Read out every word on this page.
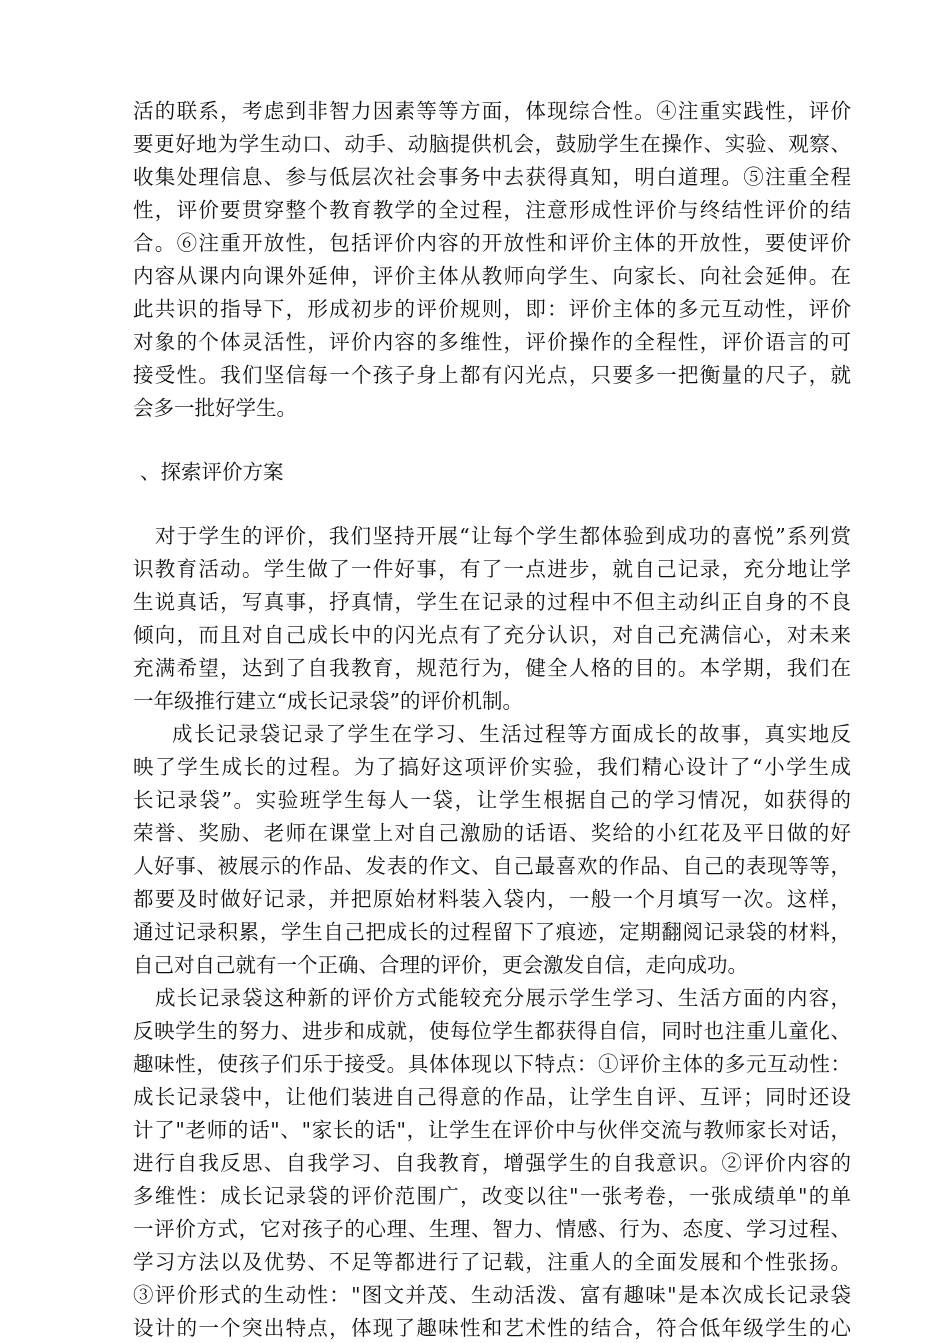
活的联系，考虑到非智力因素等等方面，体现综合性。④注重实践性，评价
要更好地为学生动口、动手、动脑提供机会，鼓励学生在操作、实验、观察、
收集处理信息、参与低层次社会事务中去获得真知，明白道理。⑤注重全程
性，评价要贯穿整个教育教学的全过程，注意形成性评价与终结性评价的结
合。⑥注重开放性，包括评价内容的开放性和评价主体的开放性，要使评价
内容从课内向课外延伸，评价主体从教师向学生、向家长、向社会延伸。在
此共识的指导下，形成初步的评价规则，即：评价主体的多元互动性，评价
对象的个体灵活性，评价内容的多维性，评价操作的全程性，评价语言的可
接受性。我们坚信每一个孩子身上都有闪光点，只要多一把衡量的尺子，就
会多一批好学生。
、探索评价方案
对于学生的评价，我们坚持开展“让每个学生都体验到成功的喜悦”系列赏
识教育活动。学生做了一件好事，有了一点进步，就自己记录，充分地让学
生说真话，写真事，抒真情，学生在记录的过程中不但主动纠正自身的不良
倾向，而且对自己成长中的闪光点有了充分认识，对自己充满信心，对未来
充满希望，达到了自我教育，规范行为，健全人格的目的。本学期，我们在
一年级推行建立“成长记录袋”的评价机制。
成长记录袋记录了学生在学习、生活过程等方面成长的故事，真实地反
映了学生成长的过程。为了搞好这项评价实验，我们精心设计了“小学生成
长记录袋”。实验班学生每人一袋，让学生根据自己的学习情况，如获得的
荣誉、奖励、老师在课堂上对自己激励的话语、奖给的小红花及平日做的好
人好事、被展示的作品、发表的作文、自己最喜欢的作品、自己的表现等等，
都要及时做好记录，并把原始材料装入袋内，一般一个月填写一次。这样，
通过记录积累，学生自己把成长的过程留下了痕迹，定期翻阅记录袋的材料，
自己对自己就有一个正确、合理的评价，更会激发自信，走向成功。
成长记录袋这种新的评价方式能较充分展示学生学习、生活方面的内容，
反映学生的努力、进步和成就，使每位学生都获得自信，同时也注重儿童化、
趣味性，使孩子们乐于接受。具体体现以下特点：①评价主体的多元互动性：
成长记录袋中，让他们装进自己得意的作品，让学生自评、互评；同时还设
计了"老师的话"、"家长的话"，让学生在评价中与伙伴交流与教师家长对话，
进行自我反思、自我学习、自我教育，增强学生的自我意识。②评价内容的
多维性：成长记录袋的评价范围广，改变以往"一张考卷，一张成绩单"的单
一评价方式，它对孩子的心理、生理、智力、情感、行为、态度、学习过程、
学习方法以及优势、不足等都进行了记载，注重人的全面发展和个性张扬。
③评价形式的生动性："图文并茂、生动活泼、富有趣味"是本次成长记录袋
设计的一个突出特点，体现了趣味性和艺术性的结合，符合低年级学生的心
